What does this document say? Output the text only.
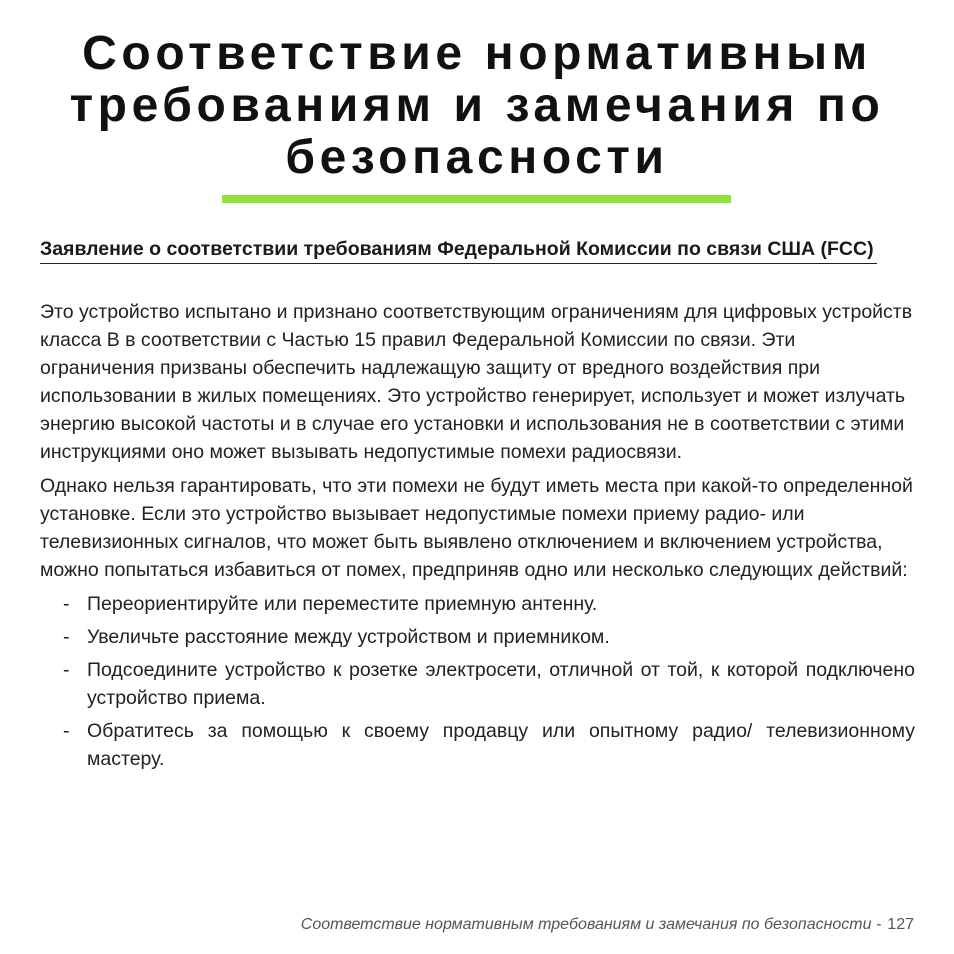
Соответствие нормативным требованиям и замечания по безопасности
Заявление о соответствии требованиям Федеральной Комиссии по связи США (FCC)

Это устройство испытано и признано соответствующим ограничениям для цифровых устройств класса B в соответствии с Частью 15 правил Федеральной Комиссии по связи. Эти ограничения призваны обеспечить надлежащую защиту от вредного воздействия при использовании в жилых помещениях. Это устройство генерирует, использует и может излучать энергию высокой частоты и в случае его установки и использования не в соответствии с этими инструкциями оно может вызывать недопустимые помехи радиосвязи.

Однако нельзя гарантировать, что эти помехи не будут иметь места при какой-то определенной установке. Если это устройство вызывает недопустимые помехи приему радио- или телевизионных сигналов, что может быть выявлено отключением и включением устройства, можно попытаться избавиться от помех, предприняв одно или несколько следующих действий:

- Переориентируйте или переместите приемную антенну.
- Увеличьте расстояние между устройством и приемником.
- Подсоедините устройство к розетке электросети, отличной от той, к которой подключено устройство приема.
- Обратитесь за помощью к своему продавцу или опытному радио/ телевизионному мастеру.
Соответствие нормативным требованиям и замечания по безопасности - 127
